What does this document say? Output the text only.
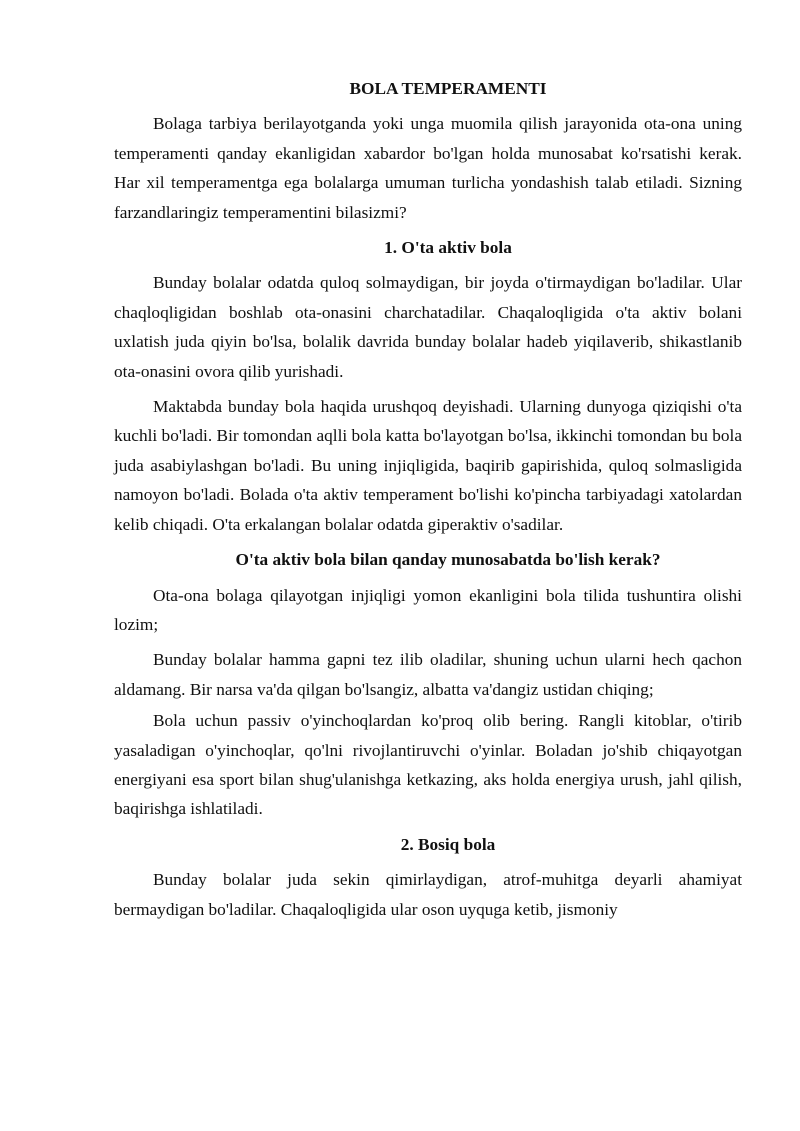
BOLA TEMPERAMENTI

Bolaga tarbiya berilayotganda yoki unga muomila qilish jarayonida ota-ona uning temperamenti qanday ekanligidan xabardor bo'lgan holda munosabat ko'rsatishi kerak. Har xil temperamentga ega bolalarga umuman turlicha yondashish talab etiladi. Sizning farzandlaringiz temperamentini bilasizmi?

1. O'ta aktiv bola

Bunday bolalar odatda quloq solmaydigan, bir joyda o'tirmaydigan bo'ladilar. Ular chaqloqligidan boshlab ota-onasini charchatadilar. Chaqaloqligida o'ta aktiv bolani uxlatish juda qiyin bo'lsa, bolalik davrida bunday bolalar hadeb yiqilaverib, shikastlanib ota-onasini ovora qilib yurishadi.

Maktabda bunday bola haqida urushqoq deyishadi. Ularning dunyoga qiziqishi o'ta kuchli bo'ladi. Bir tomondan aqlli bola katta bo'layotgan bo'lsa, ikkinchi tomondan bu bola juda asabiylashgan bo'ladi. Bu uning injiqligida, baqirib gapirishida, quloq solmasligida namoyon bo'ladi. Bolada o'ta aktiv temperament bo'lishi ko'pincha tarbiyadagi xatolardan kelib chiqadi. O'ta erkalangan bolalar odatda giperaktiv o'sadilar.

O'ta aktiv bola bilan qanday munosabatda bo'lish kerak?

Ota-ona bolaga qilayotgan injiqligi yomon ekanligini bola tilida tushuntira olishi lozim;

Bunday bolalar hamma gapni tez ilib oladilar, shuning uchun ularni hech qachon aldamang. Bir narsa va'da qilgan bo'lsangiz, albatta va'dangiz ustidan chiqing;

Bola uchun passiv o'yinchoqlardan ko'proq olib bering. Rangli kitoblar, o'tirib yasaladigan o'yinchoqlar, qo'lni rivojlantiruvchi o'yinlar. Boladan jo'shib chiqayotgan energiyani esa sport bilan shug'ulanishga ketkazing, aks holda energiya urush, jahl qilish, baqirishga ishlatiladi.

2. Bosiq bola

Bunday bolalar juda sekin qimirlaydigan, atrof-muhitga deyarli ahamiyat bermaydigan bo'ladilar. Chaqaloqligida ular oson uyquga ketib, jismoniy
